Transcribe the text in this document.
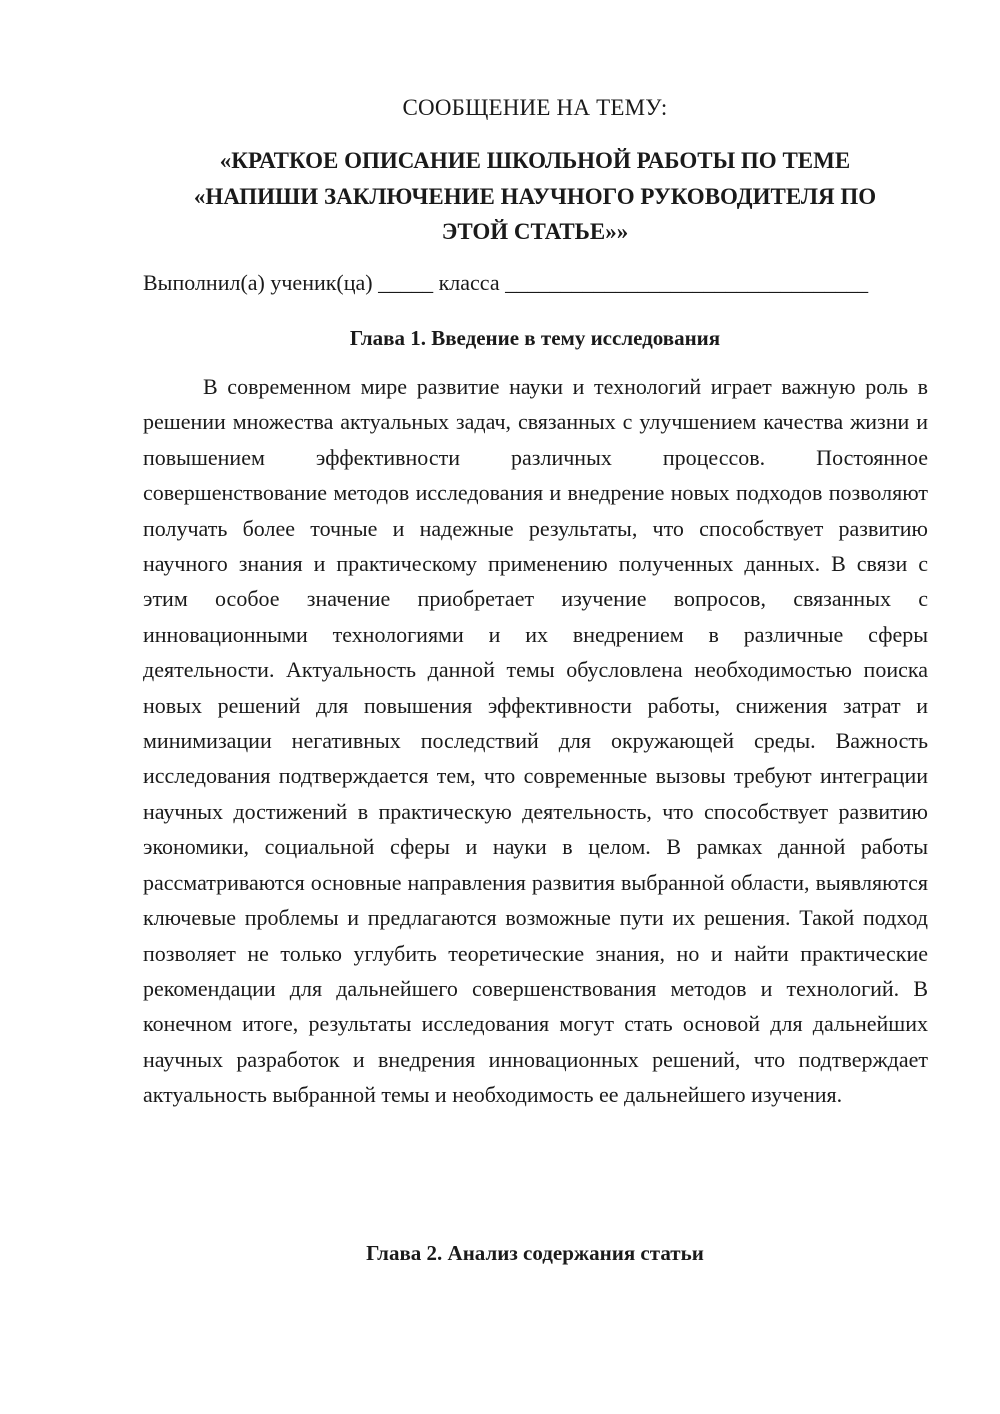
СООБЩЕНИЕ НА ТЕМУ:
«КРАТКОЕ ОПИСАНИЕ ШКОЛЬНОЙ РАБОТЫ ПО ТЕМЕ
«НАПИШИ ЗАКЛЮЧЕНИЕ НАУЧНОГО РУКОВОДИТЕЛЯ ПО
ЭТОЙ СТАТЬЕ»»
Выполнил(а) ученик(ца) _____ класса _________________________________
Глава 1. Введение в тему исследования

В современном мире развитие науки и технологий играет важную роль в решении множества актуальных задач, связанных с улучшением качества жизни и повышением эффективности различных процессов. Постоянное совершенствование методов исследования и внедрение новых подходов позволяют получать более точные и надежные результаты, что способствует развитию научного знания и практическому применению полученных данных. В связи с этим особое значение приобретает изучение вопросов, связанных с инновационными технологиями и их внедрением в различные сферы деятельности. Актуальность данной темы обусловлена необходимостью поиска новых решений для повышения эффективности работы, снижения затрат и минимизации негативных последствий для окружающей среды. Важность исследования подтверждается тем, что современные вызовы требуют интеграции научных достижений в практическую деятельность, что способствует развитию экономики, социальной сферы и науки в целом. В рамках данной работы рассматриваются основные направления развития выбранной области, выявляются ключевые проблемы и предлагаются возможные пути их решения. Такой подход позволяет не только углубить теоретические знания, но и найти практические рекомендации для дальнейшего совершенствования методов и технологий. В конечном итоге, результаты исследования могут стать основой для дальнейших научных разработок и внедрения инновационных решений, что подтверждает актуальность выбранной темы и необходимость ее дальнейшего изучения.

Глава 2. Анализ содержания статьи
